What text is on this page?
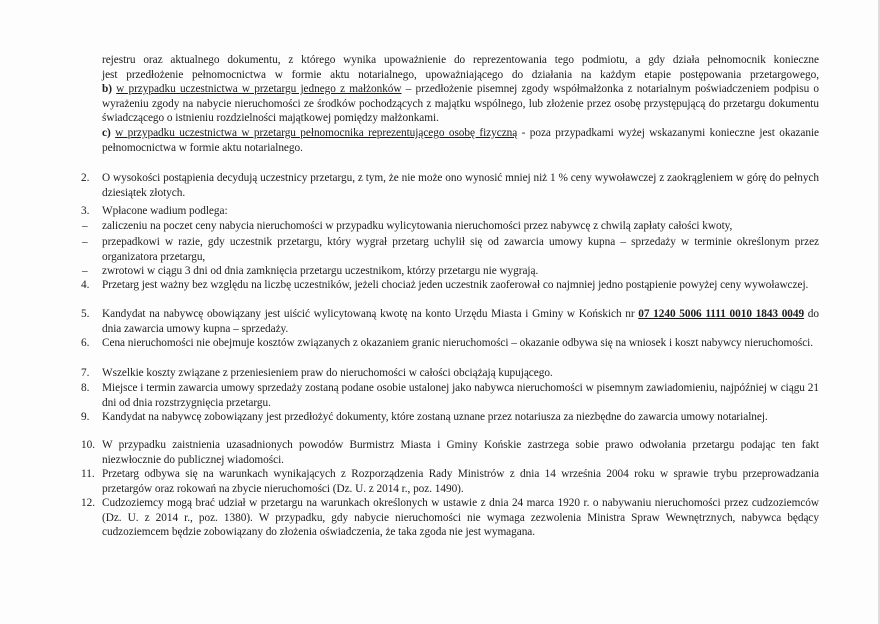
rejestru oraz aktualnego dokumentu, z którego wynika upoważnienie do reprezentowania tego podmiotu, a gdy działa pełnomocnik konieczne
jest przedłożenie pełnomocnictwa w formie aktu notarialnego, upoważniającego do działania na każdym etapie postępowania przetargowego,
b) w przypadku uczestnictwa w przetargu jednego z małżonków – przedłożenie pisemnej zgody współmałżonka z notarialnym poświadczeniem podpisu o wyrażeniu zgody na nabycie nieruchomości ze środków pochodzących z majątku wspólnego, lub złożenie przez osobę przystępującą do przetargu dokumentu świadczącego o istnieniu rozdzielności majątkowej pomiędzy małżonkami.
c) w przypadku uczestnictwa w przetargu pełnomocnika reprezentującego osobę fizyczną - poza przypadkami wyżej wskazanymi konieczne jest okazanie pełnomocnictwa w formie aktu notarialnego.
2.	O wysokości postąpienia decydują uczestnicy przetargu, z tym, że nie może ono wynosić mniej niż 1 % ceny wywoławczej z zaokrągleniem w górę do pełnych dziesiątek złotych.
3.	Wpłacone wadium podlega:
– zaliczeniu na poczet ceny nabycia nieruchomości w przypadku wylicytowania nieruchomości przez nabywcę z chwilą zapłaty całości kwoty,
– przepadkowi w razie, gdy uczestnik przetargu, który wygrał przetarg uchylił się od zawarcia umowy kupna – sprzedaży w terminie określonym przez organizatora przetargu,
– zwrotowi w ciągu 3 dni od dnia zamknięcia przetargu uczestnikom, którzy przetargu nie wygrają.
4.	Przetarg jest ważny bez względu na liczbę uczestników, jeżeli chociaż jeden uczestnik zaoferował co najmniej jedno postąpienie powyżej ceny wywoławczej.
5.	Kandydat na nabywcę obowiązany jest uiścić wylicytowaną kwotę na konto Urzędu Miasta i Gminy w Końskich nr 07 1240 5006 1111 0010 1843 0049 do dnia zawarcia umowy kupna – sprzedaży.
6.	Cena nieruchomości nie obejmuje kosztów związanych z okazaniem granic nieruchomości – okazanie odbywa się na wniosek i koszt nabywcy nieruchomości.
7.	Wszelkie koszty związane z przeniesieniem praw do nieruchomości w całości obciążają kupującego.
8.	Miejsce i termin zawarcia umowy sprzedaży zostaną podane osobie ustalonej jako nabywca nieruchomości w pisemnym zawiadomieniu, najpóźniej w ciągu 21 dni od dnia rozstrzygnięcia przetargu.
9.	Kandydat na nabywcę zobowiązany jest przedłożyć dokumenty, które zostaną uznane przez notariusza za niezbędne do zawarcia umowy notarialnej.
10. W przypadku zaistnienia uzasadnionych powodów Burmistrz Miasta i Gminy Końskie zastrzega sobie prawo odwołania przetargu podając ten fakt niezwłocznie do publicznej wiadomości.
11. Przetarg odbywa się na warunkach wynikających z Rozporządzenia Rady Ministrów z dnia 14 września 2004 roku w sprawie trybu przeprowadzania przetargów oraz rokowań na zbycie nieruchomości (Dz. U. z 2014 r., poz. 1490).
12. Cudzoziemcy mogą brać udział w przetargu na warunkach określonych w ustawie z dnia 24 marca 1920 r. o nabywaniu nieruchomości przez cudzoziemców (Dz. U. z 2014 r., poz. 1380). W przypadku, gdy nabycie nieruchomości nie wymaga zezwolenia Ministra Spraw Wewnętrznych, nabywca będący cudzoziemcem będzie zobowiązany do złożenia oświadczenia, że taka zgoda nie jest wymagana.
